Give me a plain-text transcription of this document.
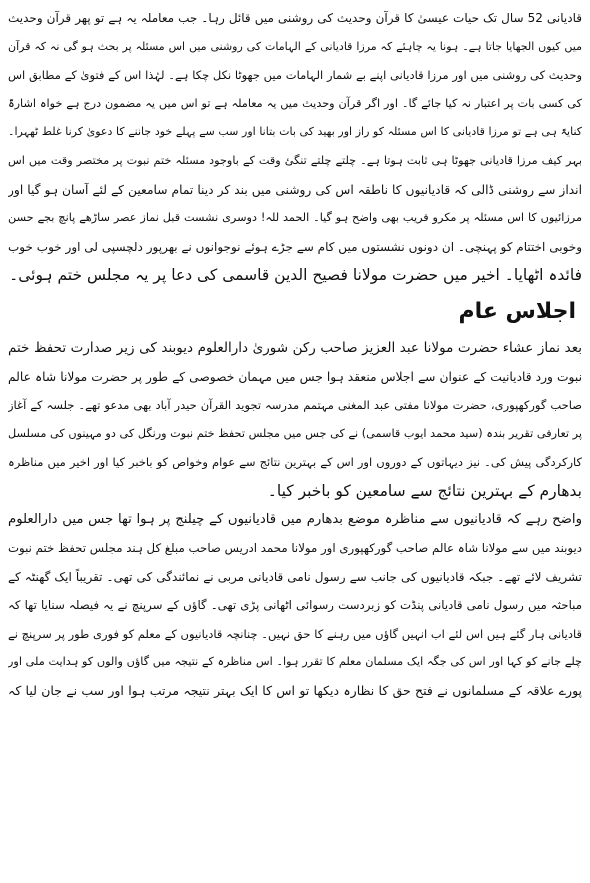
قادیانی 52 سال تک حیات عیسیٰ کا قرآن وحدیث کی روشنی میں قائل رہا۔ جب معاملہ یہ ہے تو پھر قرآن وحدیث
میں کیوں الجھایا جاتا ہے۔ ہونا یہ چاہئے کہ مرزا قادیانی کے الہامات کی روشنی میں اس مسئلہ پر بحث ہو گی نہ کہ قرآن
وحدیث کی روشنی میں اور مرزا قادیانی اپنے بے شمار الہامات میں جھوٹا نکل چکا ہے۔ لہٰذا اس کے فتویٰ کے مطابق اس
کی کسی بات پر اعتبار نہ کیا جائے گا۔ اور اگر قرآن وحدیث میں یہ معاملہ ہے تو اس میں یہ مضمون درج ہے خواہ اشارۃً
کنایۃً ہی ہے تو مرزا قادیانی کا اس مسئلہ کو راز اور بھید کی بات بتانا اور سب سے پہلے خود جاننے کا دعویٰ کرنا غلط ٹھہرا۔
بہر کیف مرزا قادیانی جھوٹا ہی ثابت ہوتا ہے۔ چلتے چلتے تنگیٔ وقت کے باوجود مسئلہ ختم نبوت پر مختصر وقت میں اس
انداز سے روشنی ڈالی کہ قادیانیوں کا ناطقہ اس کی روشنی میں بند کر دینا تمام سامعین کے لئے آسان ہو گیا اور
مرزائیوں کا اس مسئلہ پر مکرو فریب بھی واضح ہو گیا۔ الحمد للہ! دوسری نشست قبل نماز عصر ساڑھے پانچ بجے حسن
وخوبی اختتام کو پہنچی۔ ان دونوں نشستوں میں کام سے جڑے ہوئے نوجوانوں نے بھرپور دلچسپی لی اور خوب خوب
فائدہ اٹھایا۔ اخیر میں حضرت مولانا فصیح الدین قاسمی کی دعا پر یہ مجلس ختم ہوئی۔
اجلاس عام
بعد نماز عشاء حضرت مولانا عبد العزیز صاحب رکن شوریٰ دارالعلوم دیوبند کی زیر صدارت تحفظ ختم
نبوت ورد قادیانیت کے عنوان سے اجلاس منعقد ہوا جس میں مہمان خصوصی کے طور پر حضرت مولانا شاہ عالم
صاحب گورکھپوری، حضرت مولانا مفتی عبد المغنی مہتمم مدرسہ تجوید القرآن حیدر آباد بھی مدعو تھے۔ جلسہ کے آغاز
پر تعارفی تقریر بندہ (سید محمد ایوب قاسمی) نے کی جس میں مجلس تحفظ ختم نبوت ورنگل کی دو مہینوں کی مسلسل
کارکردگی پیش کی۔ نیز دیہاتوں کے دوروں اور اس کے بہترین نتائج سے عوام وخواص کو باخبر کیا اور اخیر میں مناظرہ
بدھارم کے بہترین نتائج سے سامعین کو باخبر کیا۔
واضح رہے کہ قادیانیوں سے مناظرہ موضع بدھارم میں قادیانیوں کے چیلنج پر ہوا تھا جس میں دارالعلوم
دیوبند میں سے مولانا شاہ عالم صاحب گورکھپوری اور مولانا محمد ادریس صاحب مبلغ کل ہند مجلس تحفظ ختم نبوت
تشریف لائے تھے۔ جبکہ قادیانیوں کی جانب سے رسول نامی قادیانی مربی نے نمائندگی کی تھی۔ تقریباً ایک گھنٹہ کے
مباحثہ میں رسول نامی قادیانی پنڈت کو زبردست رسوائی اٹھانی پڑی تھی۔ گاؤں کے سرپنچ نے یہ فیصلہ سنایا تھا کہ
قادیانی ہار گئے ہیں اس لئے اب انہیں گاؤں میں رہنے کا حق نہیں۔ چنانچہ قادیانیوں کے معلم کو فوری طور پر سرپنچ نے
چلے جانے کو کہا اور اس کی جگہ ایک مسلمان معلم کا تقرر ہوا۔ اس مناظرہ کے نتیجہ میں گاؤں والوں کو ہدایت ملی اور
پورے علاقہ کے مسلمانوں نے فتح حق کا نظارہ دیکھا تو اس کا ایک بہتر نتیجہ مرتب ہوا اور سب نے جان لیا کہ
